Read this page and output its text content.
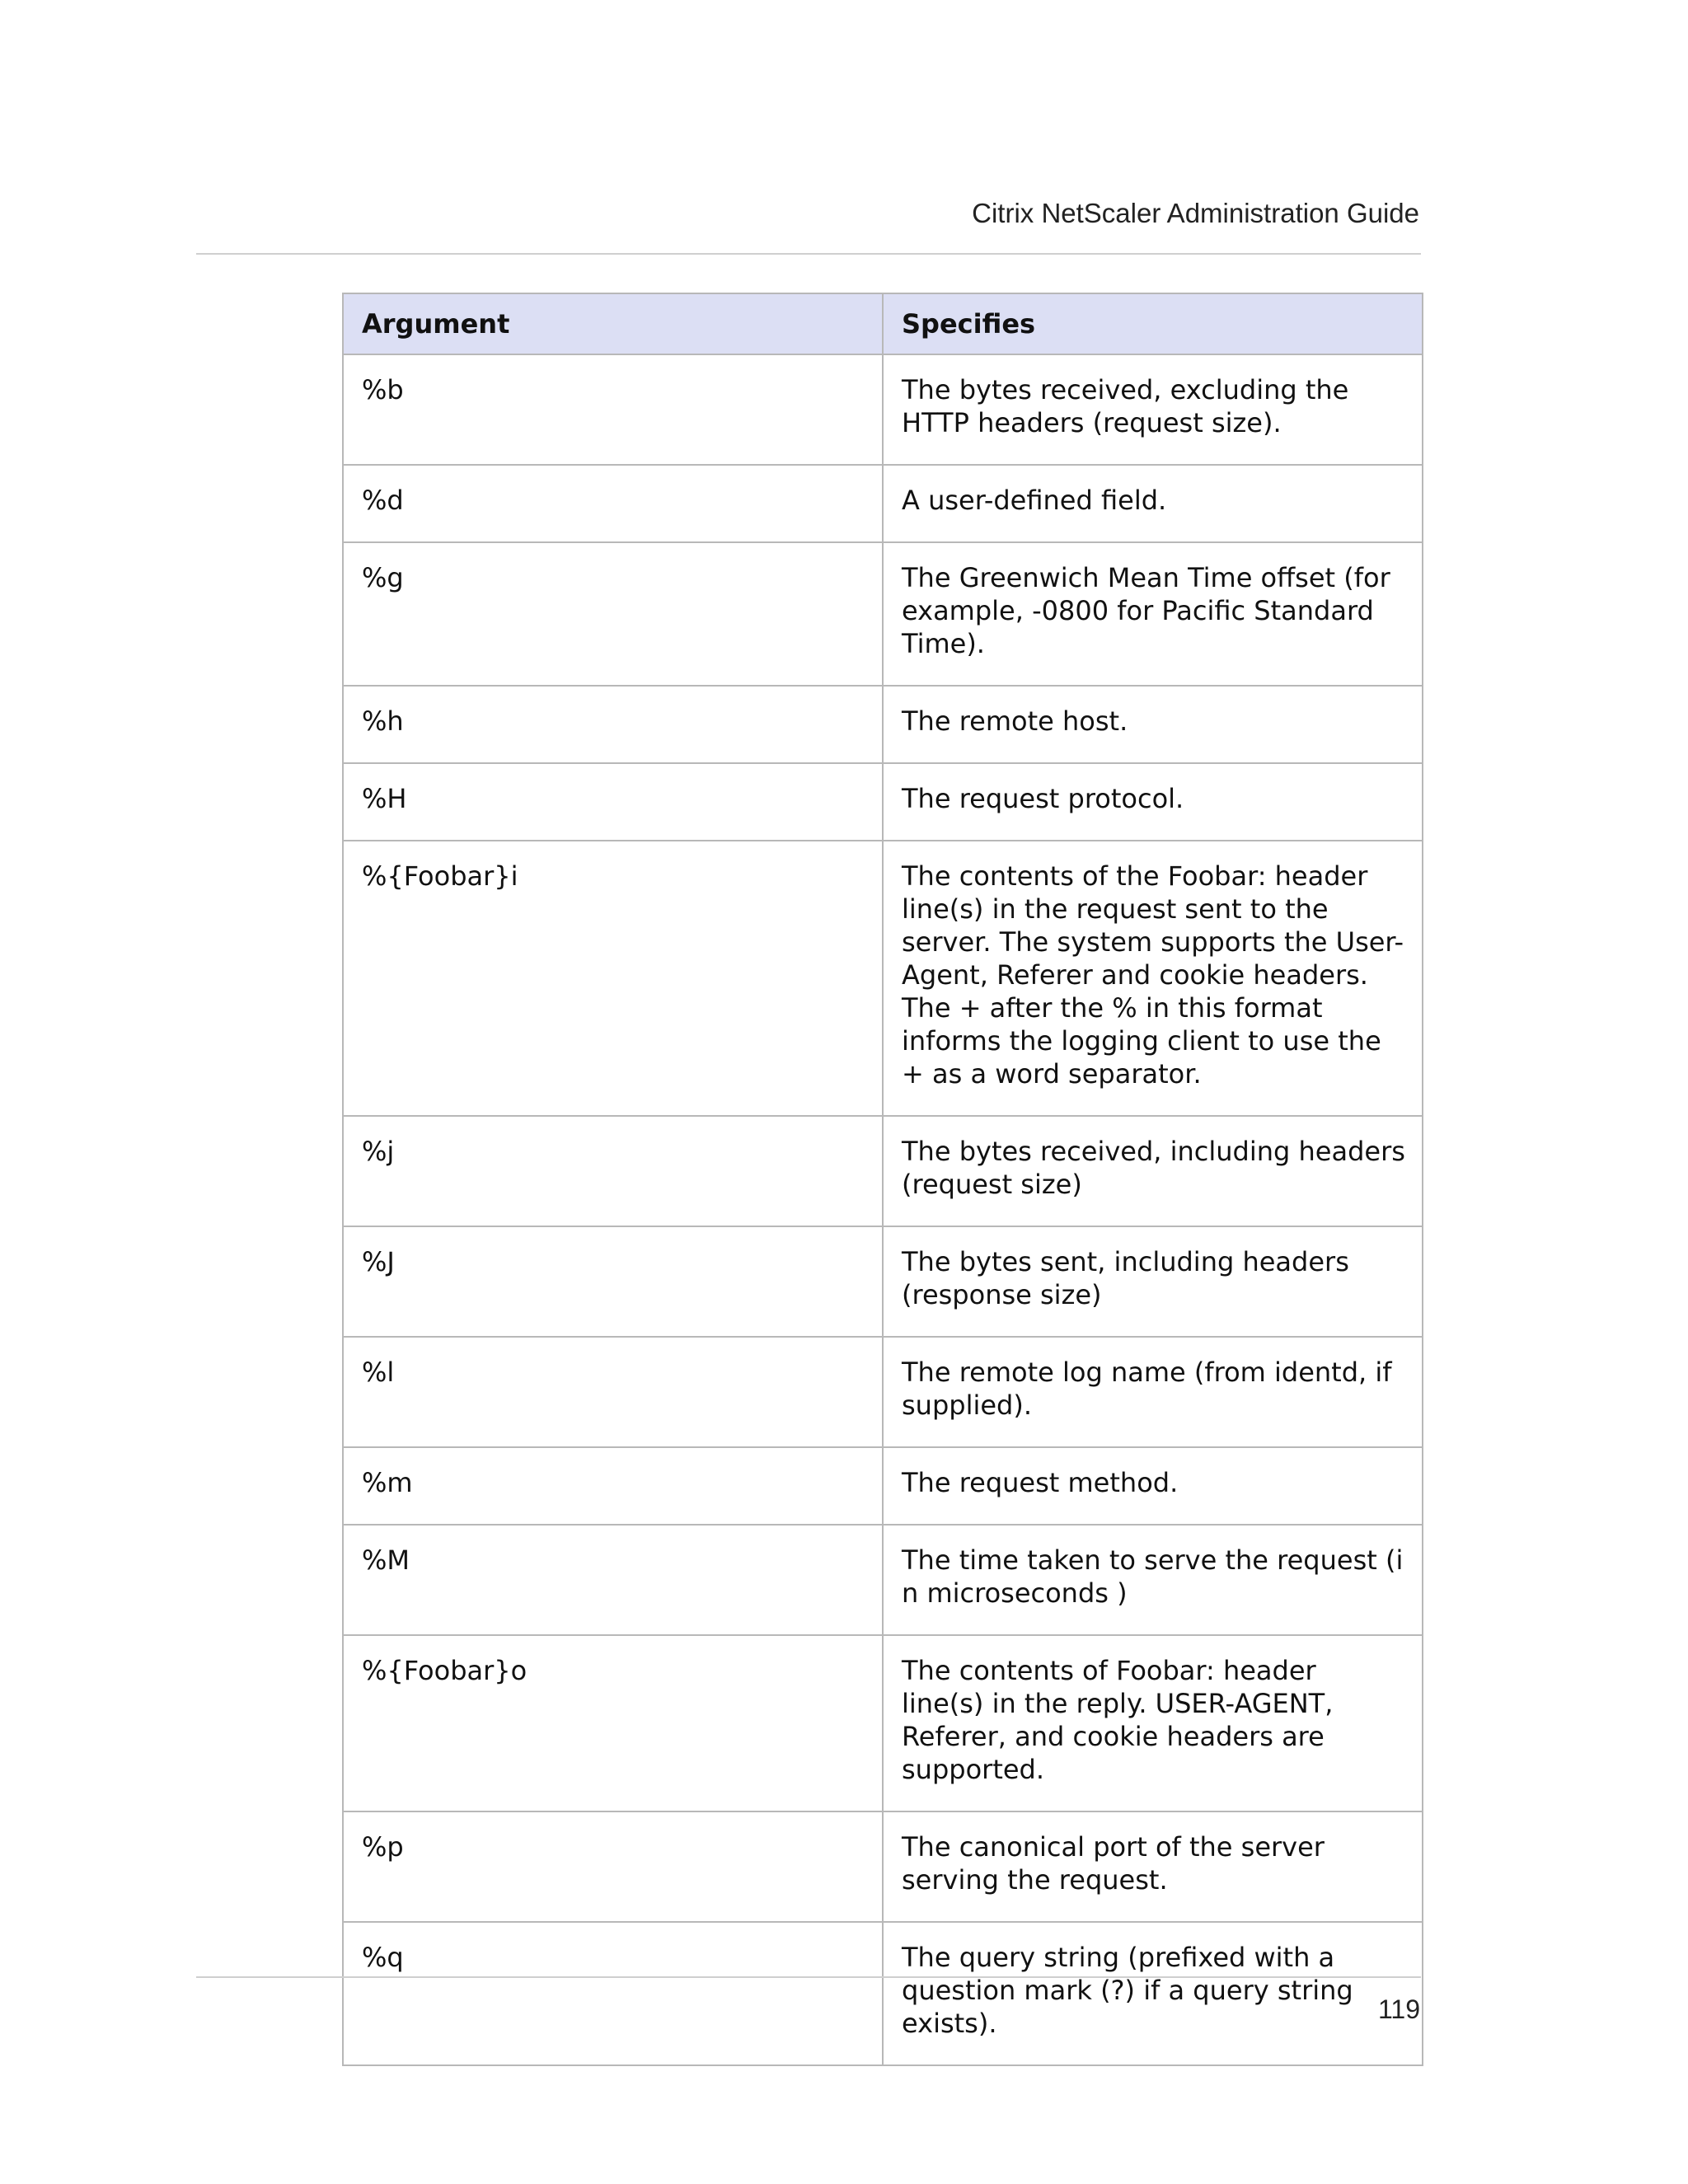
Citrix NetScaler Administration Guide
Argument	Specifies
%b	The bytes received, excluding the HTTP headers (request size).
%d	A user-defined field.
%g	The Greenwich Mean Time offset (for example, -0800 for Pacific Standard Time).
%h	The remote host.
%H	The request protocol.
%{Foobar}i	The contents of the Foobar: header line(s) in the request sent to the server. The system supports the User-Agent, Referer and cookie headers. The + after the % in this format informs the logging client to use the + as a word separator.
%j	The bytes received, including headers (request size)
%J	The bytes sent, including headers (response size)
%l	The remote log name (from identd, if supplied).
%m	The request method.
%M	The time taken to serve the request (i n microseconds )
%{Foobar}o	The contents of Foobar: header line(s) in the reply. USER-AGENT, Referer, and cookie headers are supported.
%p	The canonical port of the server serving the request.
%q	The query string (prefixed with a question mark (?) if a query string exists).	119
